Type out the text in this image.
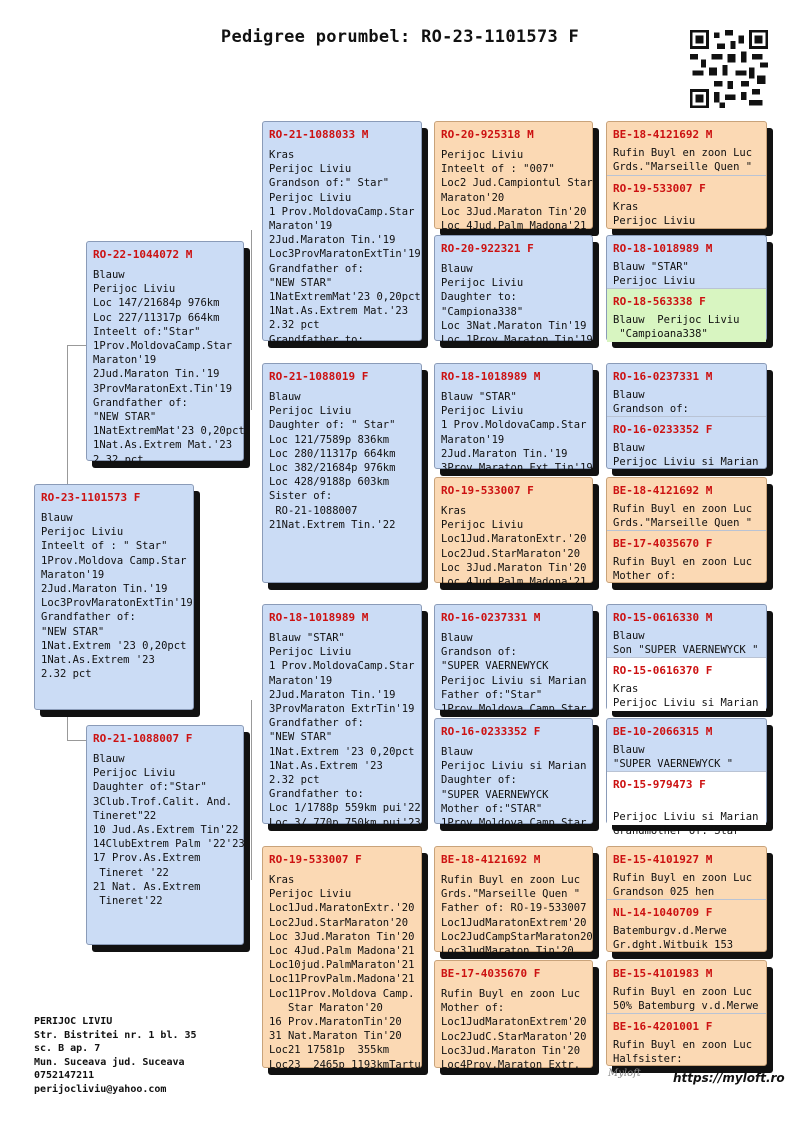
Pedigree porumbel: RO-23-1101573 F
RO-23-1101573 F
Blauw
Perijoc Liviu
Inteelt of : " Star"
1Prov.Moldova Camp.Star
Maraton'19
2Jud.Maraton Tin.'19
Loc3ProvMaratonExtTin'19
Grandfather of:
"NEW STAR"
1Nat.Extrem '23 0,20pct
1Nat.As.Extrem '23
2.32 pct
RO-22-1044072 M
Blauw
Perijoc Liviu
Loc 147/21684p 976km
Loc 227/11317p 664km
Inteelt of:"Star"
1Prov.MoldovaCamp.Star
Maraton'19
2Jud.Maraton Tin.'19
3ProvMaratonExt.Tin'19
Grandfather of:
"NEW STAR"
1NatExtremMat'23 0,20pct
1Nat.As.Extrem Mat.'23
2.32 pct
RO-21-1088007 F
Blauw
Perijoc Liviu
Daughter of:"Star"
3Club.Trof.Calit. And.
Tineret"22
10 Jud.As.Extrem Tin'22
14ClubExtrem Palm '22'23
17 Prov.As.Extrem
Tineret '22
21 Nat. As.Extrem
Tineret'22
RO-21-1088033 M
Kras
Perijoc Liviu
Grandson of:" Star"
Perijoc Liviu
1 Prov.MoldovaCamp.Star
Maraton'19
2Jud.Maraton Tin.'19
Loc3ProvMaratonExtTin'19
Grandfather of:
"NEW STAR"
1NatExtremMat'23 0,20pct
1Nat.As.Extrem Mat.'23
2.32 pct
Grandfather to:
RO-21-1088019 F
Blauw
Perijoc Liviu
Daughter of: " Star"
Loc 121/7589p 836km
Loc 280/11317p 664km
Loc 382/21684p 976km
Loc 428/9188p 603km
Sister of:
RO-21-1088007
21Nat.Extrem Tin.'22
RO-18-1018989 M
Blauw "STAR"
Perijoc Liviu
1 Prov.MoldovaCamp.Star
Maraton'19
2Jud.Maraton Tin.'19
3ProvMaraton ExtrTin'19
Grandfather of:
"NEW STAR"
1Nat.Extrem '23 0,20pct
1Nat.As.Extrem '23
2.32 pct
Grandfather to:
Loc 1/1788p 559km pui'22
Loc 3/ 770p 750km pui'23
RO-19-533007 F
Kras
Perijoc Liviu
Loc1Jud.MaratonExtr.'20
Loc2Jud.StarMaraton'20
Loc 3Jud.Maraton Tin'20
Loc 4Jud.Palm Madona'21
Loc10jud.PalmMaraton'21
Loc11ProvPalm.Madona'21
Loc11Prov.Moldova Camp.
Star Maraton'20
16 Prov.MaratonTin'20
31 Nat.Maraton Tin'20
Loc21 17581p  355km
Loc23  2465p 1193kmTartu
RO-20-925318 M
Perijoc Liviu
Inteelt of : "007"
Loc2 Jud.Campiontul Star
Maraton'20
Loc 3Jud.Maraton Tin'20
Loc 4Jud.Palm Madona'21
RO-20-922321 F
Blauw
Perijoc Liviu
Daughter to:
"Campiona338"
Loc 3Nat.Maraton Tin'19
Loc 1Prov.Maraton Tin'19
RO-18-1018989 M
Blauw "STAR"
Perijoc Liviu
1 Prov.MoldovaCamp.Star
Maraton'19
2Jud.Maraton Tin.'19
3Prov.Maraton Ext.Tin'19
RO-19-533007 F
Kras
Perijoc Liviu
Loc1Jud.MaratonExtr.'20
Loc2Jud.StarMaraton'20
Loc 3Jud.Maraton Tin'20
Loc 4Jud.Palm Madona'21
RO-16-0237331 M
Blauw
Grandson of:
"SUPER VAERNEWYCK
Perijoc Liviu si Marian
Father of:"Star"
1Prov.Moldova Camp.Star
RO-16-0233352 F
Blauw
Perijoc Liviu si Marian
Daughter of:
"SUPER VAERNEWYCK
Mother of:"STAR"
1Prov.Moldova Camp.Star
BE-18-4121692 M
Rufin Buyl en zoon Luc
Grds."Marseille Quen "
Father of: RO-19-533007
Loc1JudMaratonExtrem'20
Loc2JudCampStarMaraton20
Loc3JudMaraton Tin'20
BE-17-4035670 F
Rufin Buyl en zoon Luc
Mother of:
Loc1JudMaratonExtrem'20
Loc2JudC.StarMaraton'20
Loc3Jud.Maraton Tin'20
Loc4Prov.Maraton Extr.
BE-18-4121692 M
Rufin Buyl en zoon Luc
Grds."Marseille Quen "
RO-19-533007 F
Kras
Perijoc Liviu
RO-18-1018989 M
Blauw "STAR"
Perijoc Liviu
RO-18-563338 F
Blauw  Perijoc Liviu
"Campioana338"
RO-16-0237331 M
Blauw
Grandson of:
RO-16-0233352 F
Blauw
Perijoc Liviu si Marian
BE-18-4121692 M
Rufin Buyl en zoon Luc
Grds."Marseille Quen "
BE-17-4035670 F
Rufin Buyl en zoon Luc
Mother of:
RO-15-0616330 M
Blauw
Son "SUPER VAERNEWYCK "
RO-15-0616370 F
Kras
Perijoc Liviu si Marian
BE-10-2066315 M
Blauw
"SUPER VAERNEWYCK "
RO-15-979473 F

Perijoc Liviu si Marian
Grandmother of:"Star"
BE-15-4101927 M
Rufin Buyl en zoon Luc
Grandson 025 hen
NL-14-1040709 F
Batemburgv.d.Merwe
Gr.dght.Witbuik 153
BE-15-4101983 M
Rufin Buyl en zoon Luc
50% Batemburg v.d.Merwe
BE-16-4201001 F
Rufin Buyl en zoon Luc
Halfsister:
PERIJOC LIVIU
Str. Bistritei nr. 1 bl. 35
sc. B ap. 7
Mun. Suceava jud. Suceava
0752147211
perijocliviu@yahoo.com
Myloft	https://myloft.ro
